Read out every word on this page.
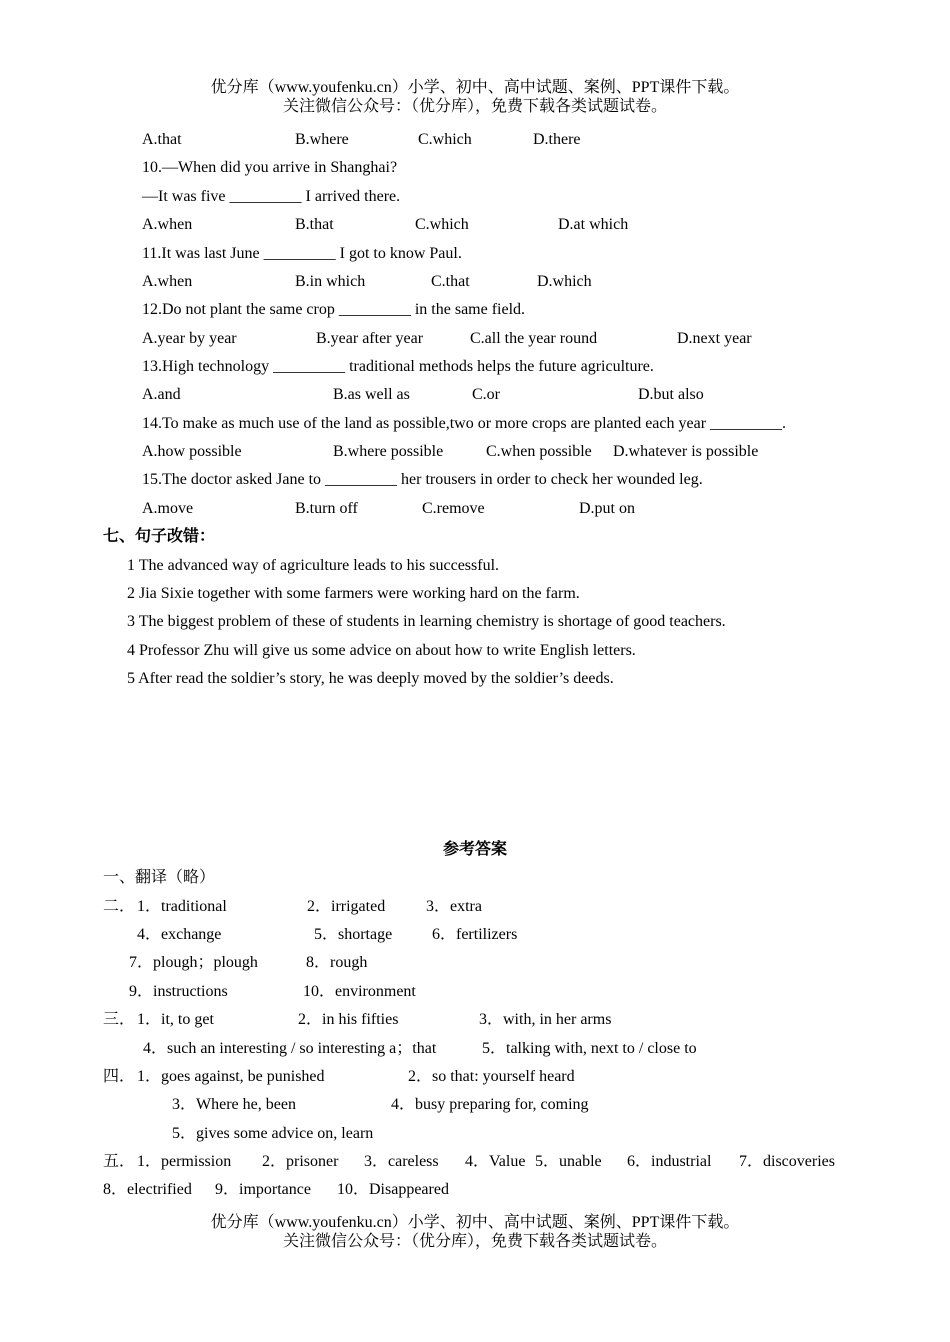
优分库（www.youfenku.cn）小学、初中、高中试题、案例、PPT课件下载。
关注微信公众号：（优分库），免费下载各类试题试卷。
A.that	B.where	C.which	D.there
10.—When did you arrive in Shanghai?
—It was five _________ I arrived there.
A.when	B.that	C.which	D.at which
11.It was last June _________ I got to know Paul.
A.when	B.in which	C.that	D.which
12.Do not plant the same crop _________ in the same field.
A.year by year	B.year after year	C.all the year round	D.next year
13.High technology _________ traditional methods helps the future agriculture.
A.and	B.as well as	C.or	D.but also
14.To make as much use of the land as possible,two or more crops are planted each year _________.
A.how possible	B.where possible	C.when possible D.whatever is possible
15.The doctor asked Jane to _________ her trousers in order to check her wounded leg.
A.move	B.turn off	C.remove	D.put on
七、句子改错：
1 The advanced way of agriculture leads to his successful.
2 Jia Sixie together with some farmers were working hard on the farm.
3 The biggest problem of these of students in learning chemistry is shortage of good teachers.
4 Professor Zhu will give us some advice on about how to write English letters.
5 After read the soldier’s story, he was deeply moved by the soldier’s deeds.
参考答案
一、翻译（略）
二． 1．traditional	2．irrigated	3．extra
4．exchange	5．shortage 6．fertilizers
7．plough；plough	8．rough
9．instructions	10．environment
三． 1．it, to get	2．in his fifties	3．with, in her arms
4．such an interesting / so interesting a；that	5．talking with, next to / close to
四． 1．goes against, be punished	2．so that: yourself heard
3．Where he, been	4．busy preparing for, coming
5．gives some advice on, learn
五． 1．permission 2．prisoner 3．careless 4．Value 5．unable 6．industrial 7．discoveries
8．electrified 9．importance 10．Disappeared
优分库（www.youfenku.cn）小学、初中、高中试题、案例、PPT课件下载。
关注微信公众号：（优分库），免费下载各类试题试卷。
